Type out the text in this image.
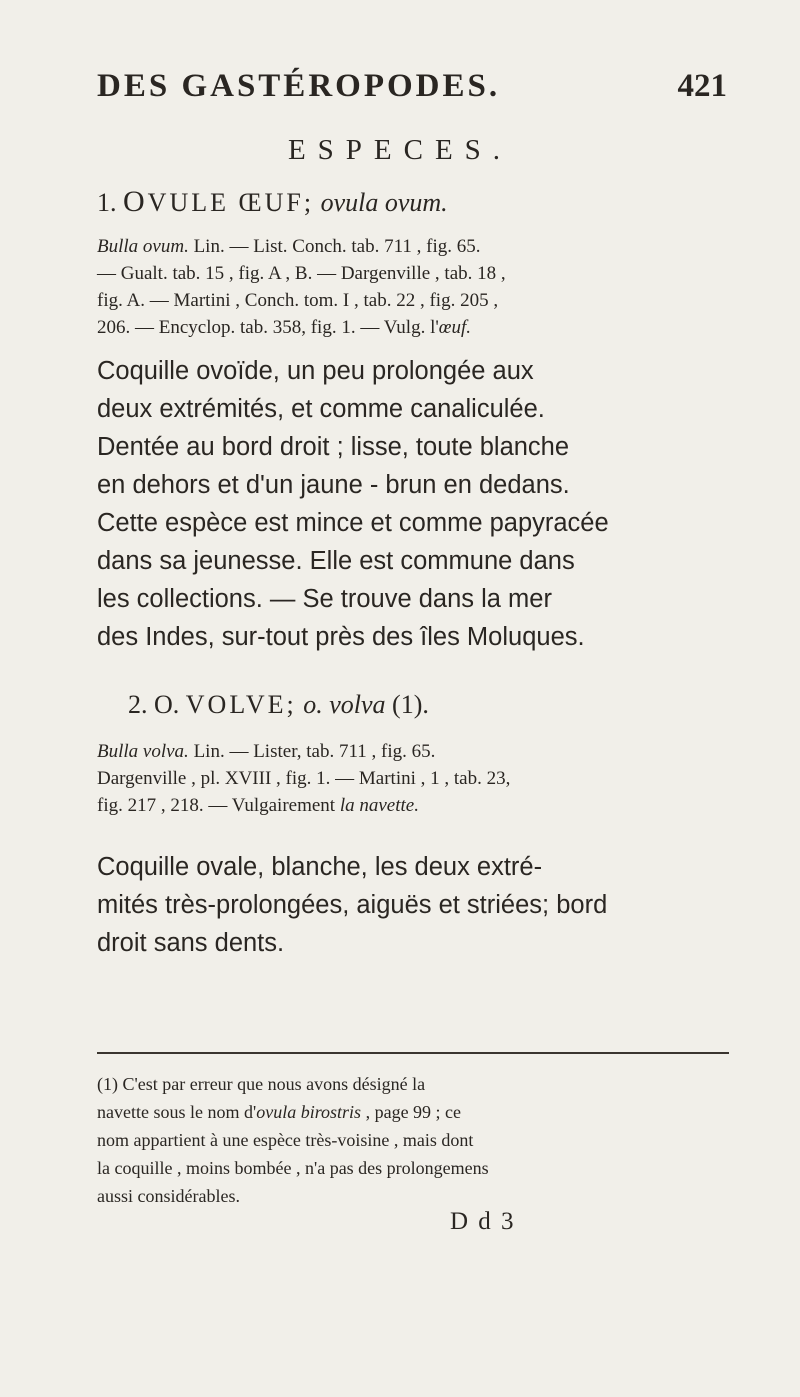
DES GASTÉROPODES.	421
ESPECES.
1. OVULE ŒUF; ovula ovum.
Bulla ovum. Lin. — List. Conch. tab. 711 , fig. 65.
— Gualt. tab. 15 , fig. A , B. — Dargenville , tab. 18 ,
fig. A. — Martini , Conch. tom. I , tab. 22 , fig. 205 ,
206. — Encyclop. tab. 358, fig. 1. — Vulg. l'œuf.
Coquille ovoïde, un peu prolongée aux
deux extrémités, et comme canaliculée.
Dentée au bord droit ; lisse, toute blanche
en dehors et d'un jaune - brun en dedans.
Cette espèce est mince et comme papyracée
dans sa jeunesse. Elle est commune dans
les collections. — Se trouve dans la mer
des Indes, sur-tout près des îles Moluques.
2. O. VOLVE; o. volva (1).
Bulla volva. Lin. — Lister, tab. 711 , fig. 65.
Dargenville , pl. XVIII , fig. 1. — Martini , 1 , tab. 23,
fig. 217 , 218. — Vulgairement la navette.
Coquille ovale, blanche, les deux extré-
mités très-prolongées, aiguës et striées; bord
droit sans dents.
(1) C'est par erreur que nous avons désigné la
navette sous le nom d'ovula birostris , page 99 ; ce
nom appartient à une espèce très-voisine , mais dont
la coquille , moins bombée , n'a pas des prolongemens
aussi considérables.
D d 3
